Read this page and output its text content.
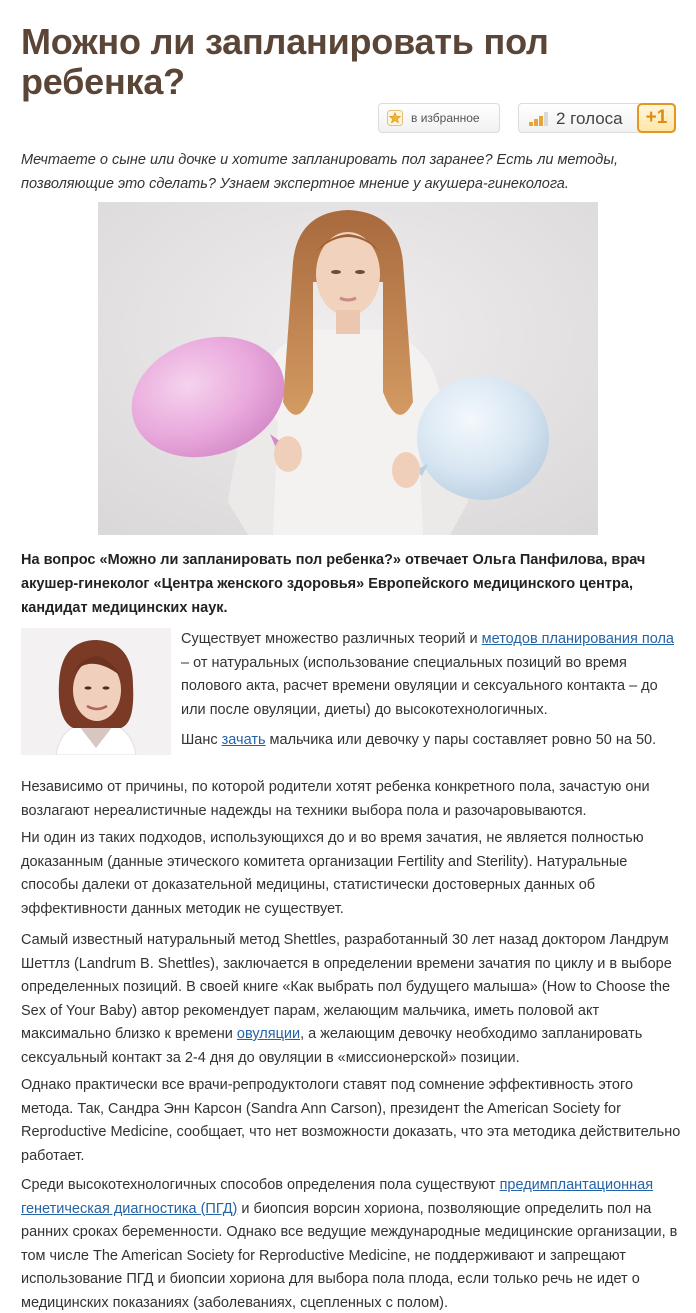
Можно ли запланировать пол ребенка?
в избранное	2 голоса	+1

Мечтаете о сыне или дочке и хотите запланировать пол заранее? Есть ли методы, позволяющие это сделать? Узнаем экспертное мнение у акушера-гинеколога.

На вопрос «Можно ли запланировать пол ребенка?» отвечает Ольга Панфилова, врач акушер-гинеколог «Центра женского здоровья» Европейского медицинского центра, кандидат медицинских наук.

Существует множество различных теорий и методов планирования пола – от натуральных (использование специальных позиций во время полового акта, расчет времени овуляции и сексуального контакта – до или после овуляции, диеты) до высокотехнологичных.

Шанс зачать мальчика или девочку у пары составляет ровно 50 на 50.

Независимо от причины, по которой родители хотят ребенка конкретного пола, зачастую они возлагают нереалистичные надежды на техники выбора пола и разочаровываются.

Ни один из таких подходов, использующихся до и во время зачатия, не является полностью доказанным (данные этического комитета организации Fertility and Sterility). Натуральные способы далеки от доказательной медицины, статистически достоверных данных об эффективности данных методик не существует.

Самый известный натуральный метод Shettles, разработанный 30 лет назад доктором Ландрум Шеттлз (Landrum B. Shettles), заключается в определении времени зачатия по циклу и в выборе определенных позиций. В своей книге «Как выбрать пол будущего малыша» (How to Choose the Sex of Your Baby) автор рекомендует парам, желающим мальчика, иметь половой акт максимально близко к времени овуляции, а желающим девочку необходимо запланировать сексуальный контакт за 2-4 дня до овуляции в «миссионерской» позиции.

Однако практически все врачи-репродуктологи ставят под сомнение эффективность этого метода. Так, Сандра Энн Карсон (Sandra Ann Carson), президент the American Society for Reproductive Medicine, сообщает, что нет возможности доказать, что эта методика действительно работает.

Среди высокотехнологичных способов определения пола существуют предимплантационная генетическая диагностика (ПГД) и биопсия ворсин хориона, позволяющие определить пол на ранних сроках беременности. Однако все ведущие международные медицинские организации, в том числе The American Society for Reproductive Medicine, не поддерживают и запрещают использование ПГД и биопсии хориона для выбора пола плода, если только речь не идет о медицинских показаниях (заболеваниях, сцепленных с полом).
